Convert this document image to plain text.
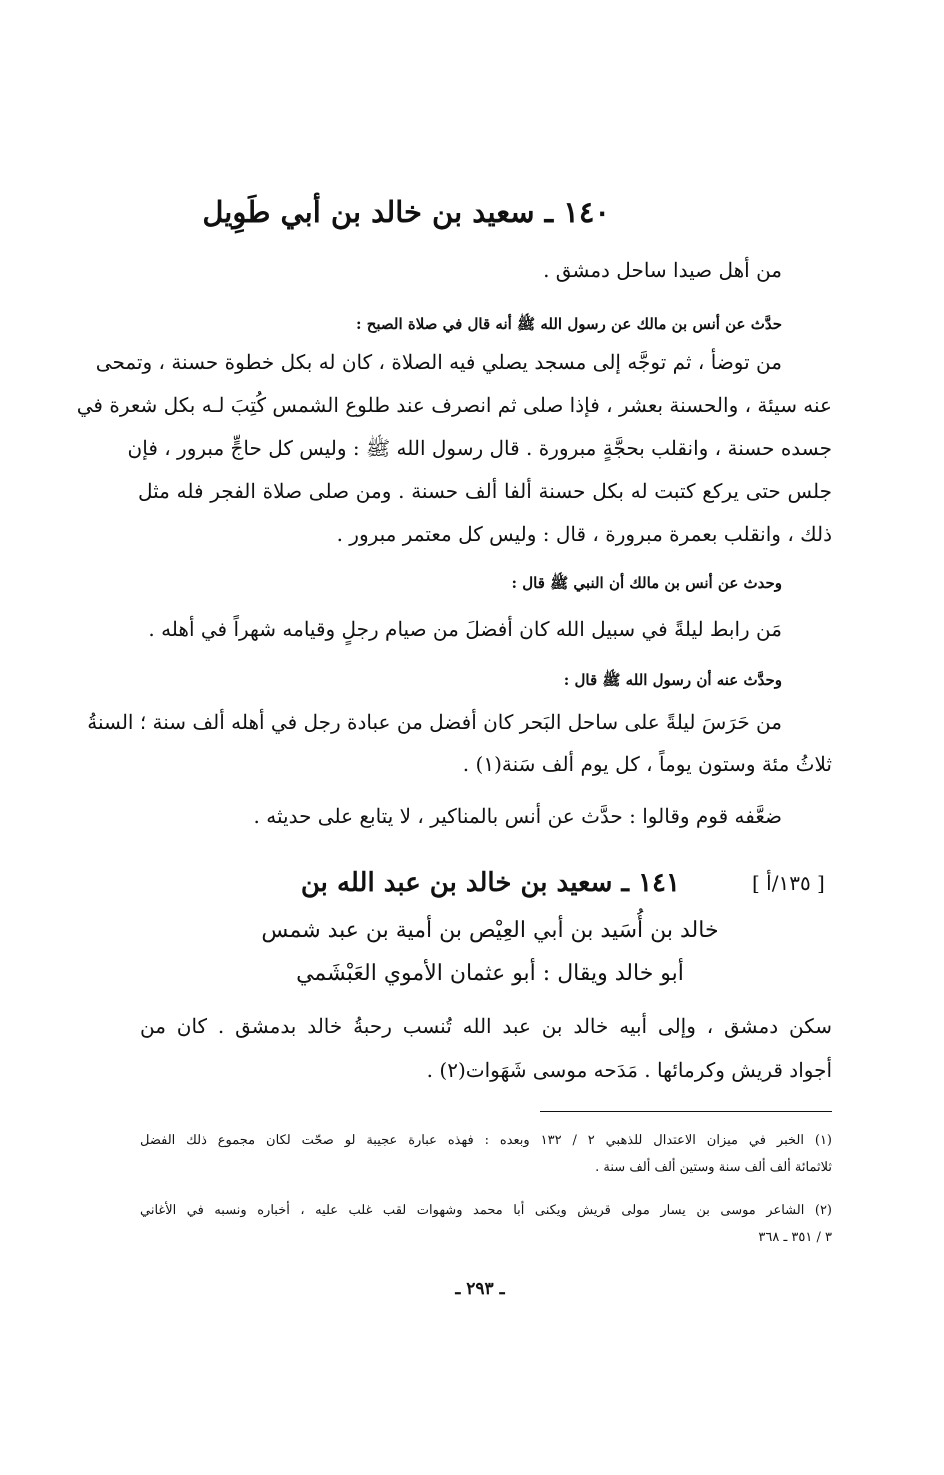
١٤٠ ـ سعيد بن خالد بن أبي طَوِيل

من أهل صيدا ساحل دمشق .

حدَّث عن أنس بن مالك عن رسول الله ﷺ أنه قال في صلاة الصبح :

من توضأ ، ثم توجَّه إلى مسجد يصلي فيه الصلاة ، كان له بكل خطوة حسنة ، وتمحى

عنه سيئة ، والحسنة بعشر ، فإذا صلى ثم انصرف عند طلوع الشمس كُتِبَ لـه بكل شعرة في

جسده حسنة ، وانقلب بحجَّةٍ مبرورة . قال رسول الله ﷺ : وليس كل حاجٍّ مبرور ، فإن

جلس حتى يركع كتبت له بكل حسنة ألفا ألف حسنة . ومن صلى صلاة الفجر فله مثل

ذلك ، وانقلب بعمرة مبرورة ، قال : وليس كل معتمر مبرور .

وحدث عن أنس بن مالك أن النبي ﷺ قال :

مَن رابط ليلةً في سبيل الله كان أفضلَ من صيام رجلٍ وقيامه شهراً في أهله .

وحدَّث عنه أن رسول الله ﷺ قال :

من حَرَسَ ليلةً على ساحل البَحر كان أفضل من عبادة رجل في أهله ألف سنة ؛ السنةُ

ثلاثُ مئة وستون يوماً ، كل يوم ألف سَنة(١) .

ضعَّفه قوم وقالوا : حدَّث عن أنس بالمناكير ، لا يتابع على حديثه .

[ ١٣٥/أ ]
١٤١ ـ سعيد بن خالد بن عبد الله بن

خالد بن أُسَيد بن أبي العِيْص بن أمية بن عبد شمس

أبو خالد ويقال : أبو عثمان الأموي العَبْشَمي

سكن دمشق ، وإلى أبيه خالد بن عبد الله تُنسب رحبةُ خالد بدمشق . كان من

أجواد قريش وكرمائها . مَدَحه موسى شَهَوات(٢) .

(١) الخبر في ميزان الاعتدال للذهبي ٢ / ١٣٢ وبعده : فهذه عبارة عجيبة لو صحّت لكان مجموع ذلك الفضل

ثلاثمائة ألف ألف سنة وستين ألف ألف سنة .

(٢) الشاعر موسى بن يسار مولى قريش ويكنى أبا محمد وشهوات لقب غلب عليه ، أخباره ونسبه في الأغاني

٣ / ٣٥١ ـ ٣٦٨

ـ ٢٩٣ ـ
